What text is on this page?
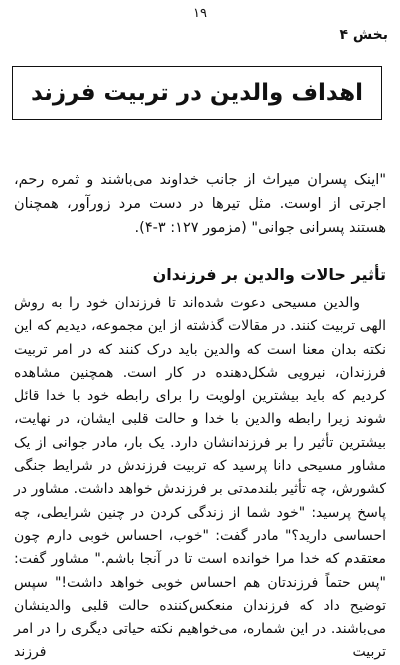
۱۹
بخش ۴
اهداف والدین در تربیت فرزند
"اینک پسران میراث از جانب خداوند می‌باشند و ثمره رحم، اجرتی از اوست. مثل تیرها در دست مرد زورآور، همچنان هستند پسرانی جوانی" (مزمور ۱۲۷: ۳-۴).
تأثیر حالات والدین بر فرزندان

والدین مسیحی دعوت شده‌اند تا فرزندان خود را به روش الهی تربیت کنند. در مقالات گذشته از این مجموعه، دیدیم که این نکته بدان معنا است که والدین باید درک کنند که در امر تربیت فرزندان، نیرویی شکل‌دهنده در کار است. همچنین مشاهده کردیم که باید بیشترین اولویت را برای رابطه خود با خدا قائل شوند زیرا رابطه والدین با خدا و حالت قلبی ایشان، در نهایت، بیشترین تأثیر را بر فرزندانشان دارد. یک بار، مادر جوانی از یک مشاور مسیحی دانا پرسید که تربیت فرزندش در شرایط جنگی کشورش، چه تأثیر بلندمدتی بر فرزندش خواهد داشت. مشاور در پاسخ پرسید: "خود شما از زندگی کردن در چنین شرایطی، چه احساسی دارید؟" مادر گفت: "خوب، احساس خوبی دارم چون معتقدم که خدا مرا خوانده است تا در آنجا باشم." مشاور گفت: "پس حتماً فرزندتان هم احساس خوبی خواهد داشت!" سپس توضیح داد که فرزندان منعکس‌کننده حالت قلبی والدینشان می‌باشند. در این شماره، می‌خواهیم نکته حیاتی دیگری را در امر تربیت فرزند
